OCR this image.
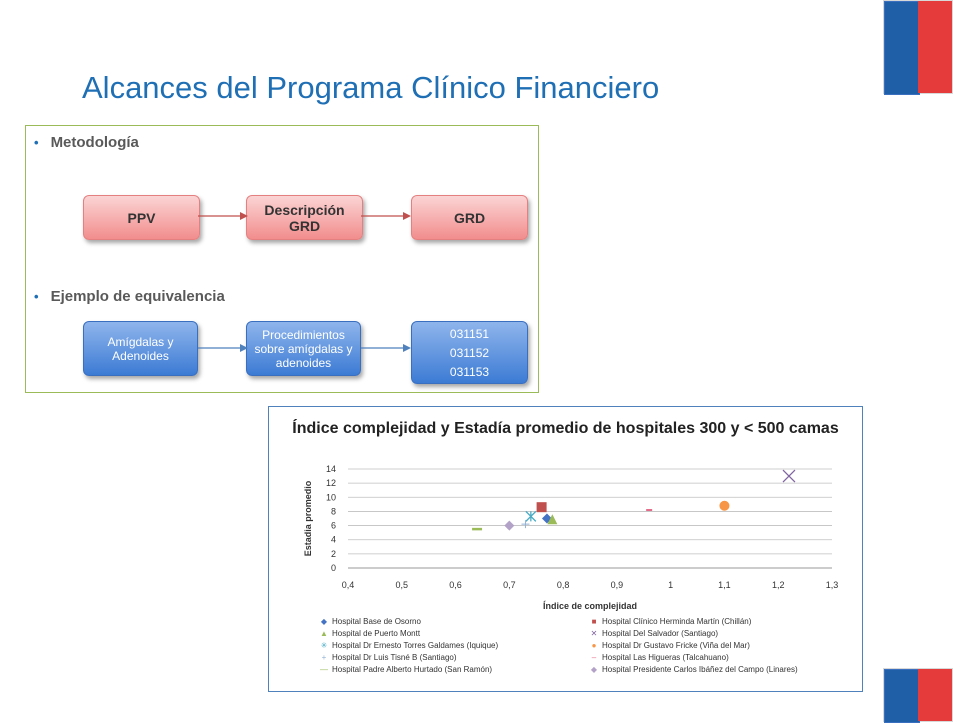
Alcances del Programa Clínico Financiero
• Metodología
PPV	Descripción GRD	GRD
• Ejemplo de equivalencia
Amígdalas y Adenoides
Procedimientos sobre amígdalas y adenoides
031151
031152
031153
Índice complejidad y Estadía promedio de hospitales 300 y < 500 camas
0
2
4
6
8
10
12
14
0,4	0,5	0,6	0,7	0,8	0,9	1	1,1	1,2	1,3
Índice de complejidad
Estadia promedio
◆ Hospital Base de Osorno	■ Hospital Clínico Herminda Martín (Chillán)
▲ Hospital de Puerto Montt	✕ Hospital Del Salvador (Santiago)
✳ Hospital Dr Ernesto Torres Galdames (Iquique)	● Hospital Dr Gustavo Fricke (Viña del Mar)
+ Hospital Dr Luis Tisné B (Santiago)	– Hospital Las Higueras (Talcahuano)
— Hospital Padre Alberto Hurtado (San Ramón)	◆ Hospital Presidente Carlos Ibáñez del Campo (Linares)
